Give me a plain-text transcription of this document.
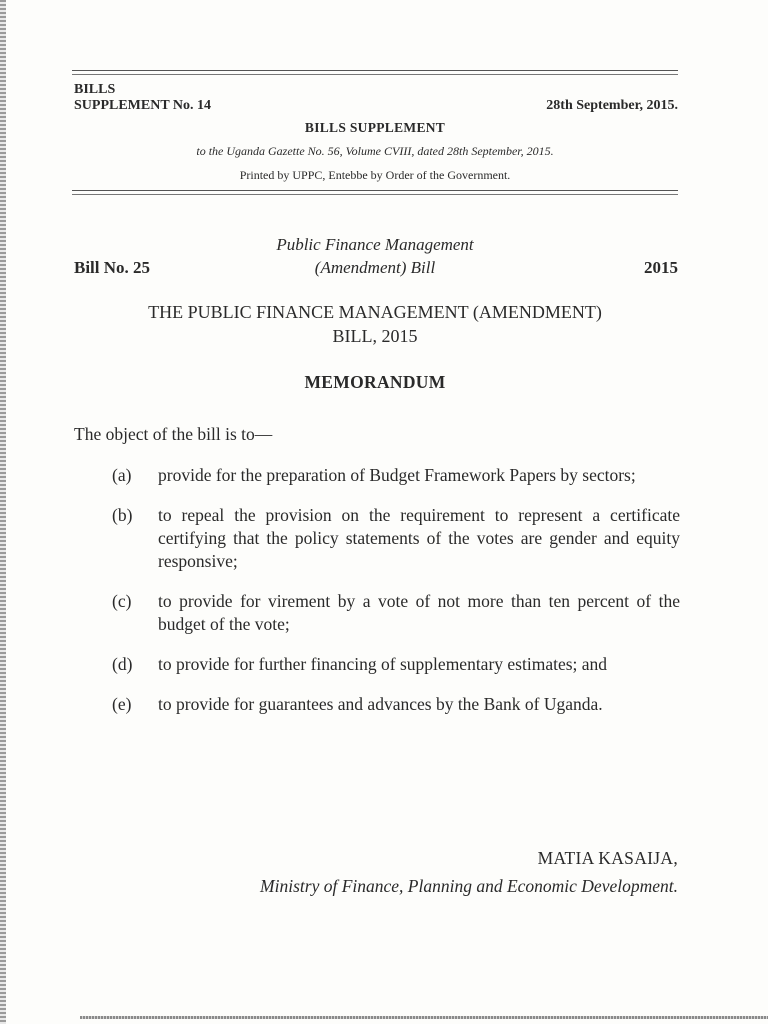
BILLS
SUPPLEMENT No. 14	28th September, 2015.
BILLS SUPPLEMENT
to the Uganda Gazette No. 56, Volume CVIII, dated 28th September, 2015.
Printed by UPPC, Entebbe by Order of the Government.
Public Finance Management
(Amendment) Bill
Bill No. 25	2015
THE PUBLIC FINANCE MANAGEMENT (AMENDMENT)
BILL, 2015
MEMORANDUM
The object of the bill is to—
(a)	provide for the preparation of Budget Framework Papers by sectors;
(b)	to repeal the provision on the requirement to represent a certificate certifying that the policy statements of the votes are gender and equity responsive;
(c)	to provide for virement by a vote of not more than ten percent of the budget of the vote;
(d)	to provide for further financing of supplementary estimates; and
(e)	to provide for guarantees and advances by the Bank of Uganda.
MATIA KASAIJA,
Ministry of Finance, Planning and Economic Development.
